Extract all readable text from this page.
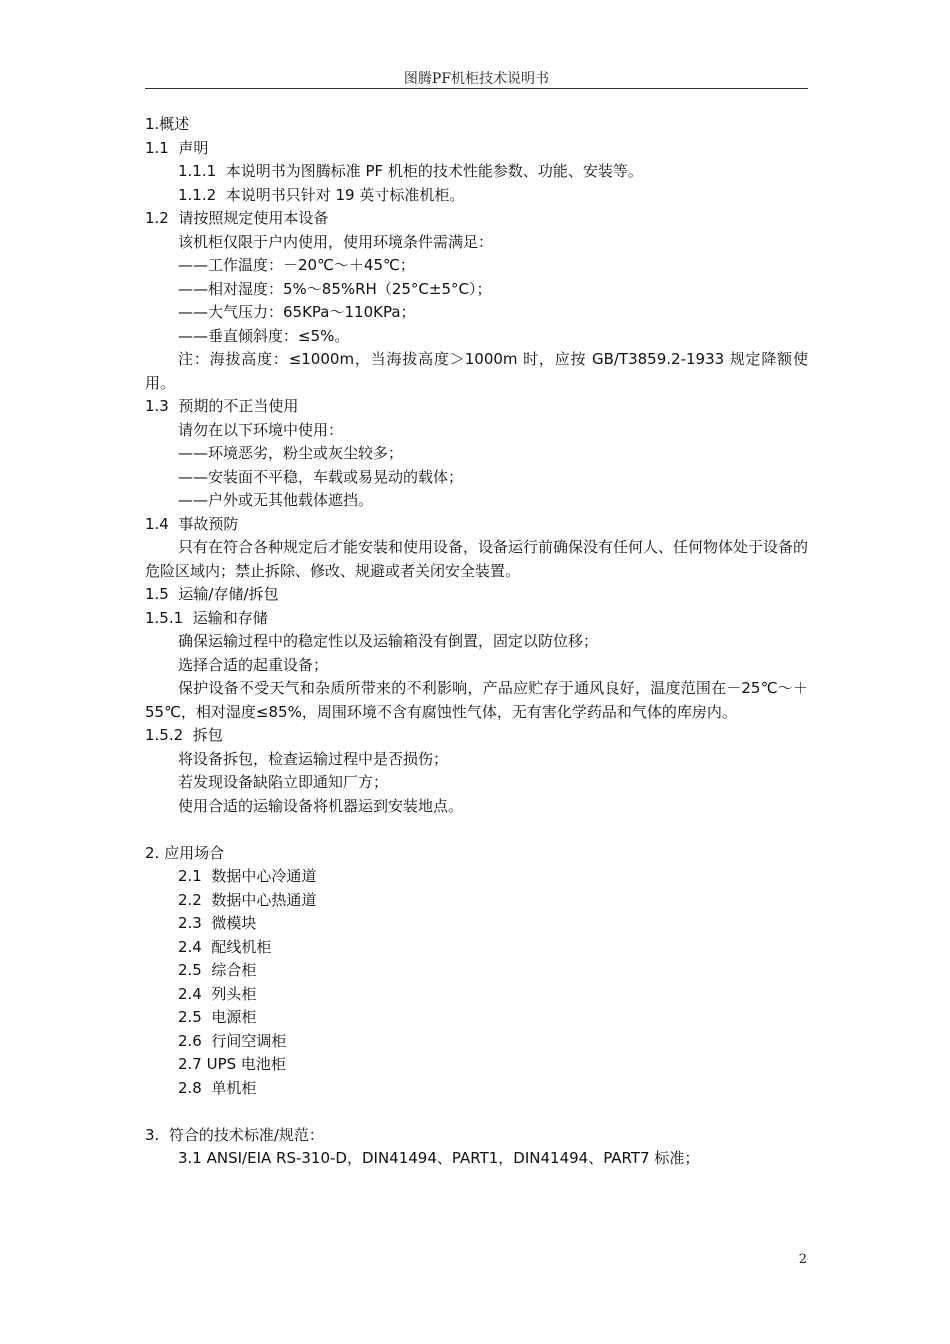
图腾PF机柜技术说明书
1.概述
1.1  声明
1.1.1  本说明书为图腾标准 PF 机柜的技术性能参数、功能、安装等。
1.1.2  本说明书只针对 19 英寸标准机柜。
1.2  请按照规定使用本设备
该机柜仅限于户内使用，使用环境条件需满足：
——工作温度：－20℃～＋45℃；
——相对湿度：5%～85%RH（25°C±5°C）；
——大气压力：65KPa～110KPa；
——垂直倾斜度：≤5%。
注：海拔高度：≤1000m，当海拔高度＞1000m 时，应按 GB/T3859.2-1933 规定降额使用。
1.3  预期的不正当使用
请勿在以下环境中使用：
——环境恶劣，粉尘或灰尘较多；
——安装面不平稳，车载或易晃动的载体；
——户外或无其他载体遮挡。
1.4  事故预防
只有在符合各种规定后才能安装和使用设备，设备运行前确保没有任何人、任何物体处于设备的危险区域内；禁止拆除、修改、规避或者关闭安全装置。
1.5  运输/存储/拆包
1.5.1  运输和存储
确保运输过程中的稳定性以及运输箱没有倒置，固定以防位移；
选择合适的起重设备；
保护设备不受天气和杂质所带来的不利影响，产品应贮存于通风良好，温度范围在－25℃～＋55℃，相对湿度≤85%，周围环境不含有腐蚀性气体，无有害化学药品和气体的库房内。
1.5.2  拆包
将设备拆包，检查运输过程中是否损伤；
若发现设备缺陷立即通知厂方；
使用合适的运输设备将机器运到安装地点。
2. 应用场合
2.1  数据中心冷通道
2.2  数据中心热通道
2.3  微模块
2.4  配线机柜
2.5  综合柜
2.4  列头柜
2.5  电源柜
2.6  行间空调柜
2.7 UPS 电池柜
2.8  单机柜
3.  符合的技术标准/规范：
3.1 ANSI/EIA RS-310-D，DIN41494、PART1，DIN41494、PART7 标准；
2
